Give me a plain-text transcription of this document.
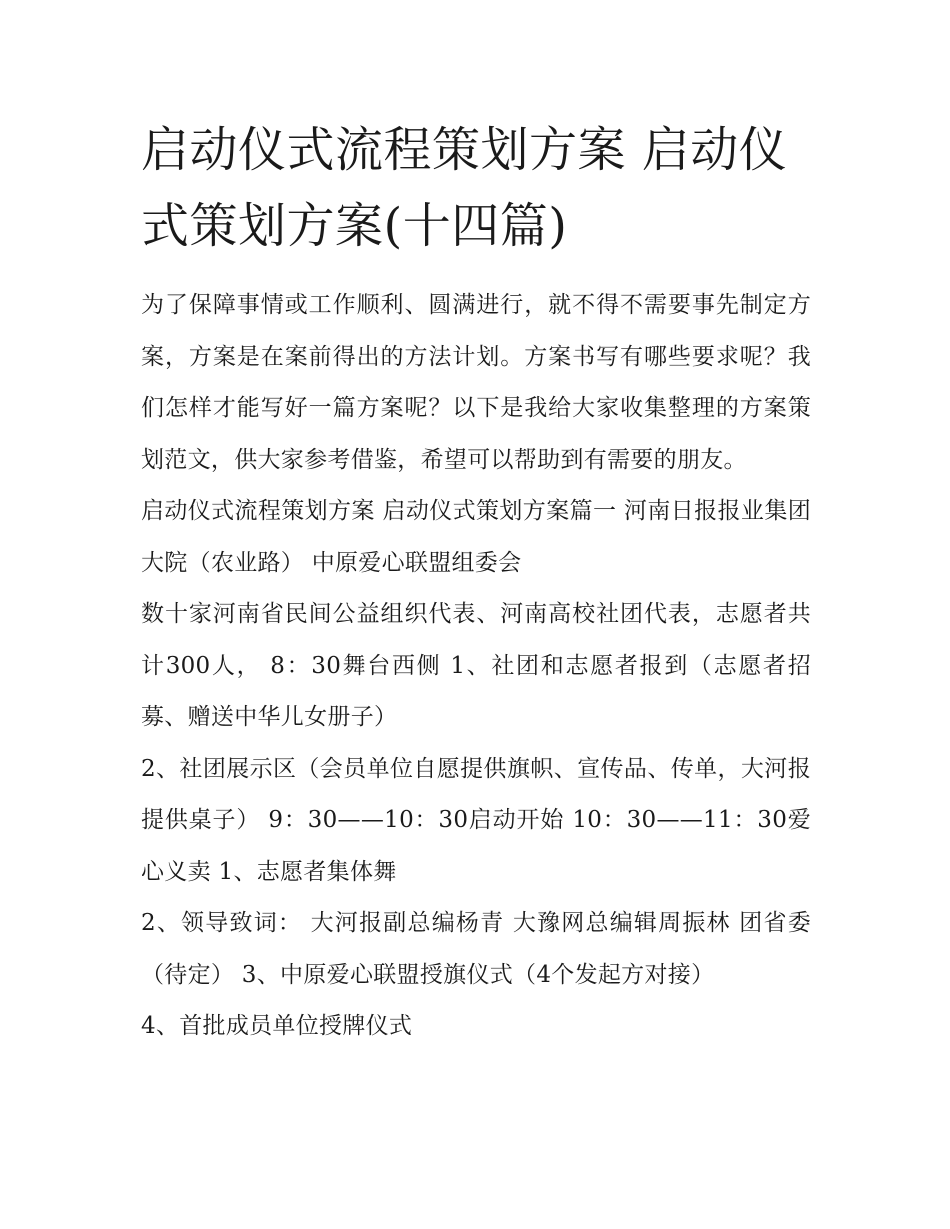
启动仪式流程策划方案 启动仪式策划方案(十四篇)

为了保障事情或工作顺利、圆满进行，就不得不需要事先制定方案，方案是在案前得出的方法计划。方案书写有哪些要求呢？我们怎样才能写好一篇方案呢？以下是我给大家收集整理的方案策划范文，供大家参考借鉴，希望可以帮助到有需要的朋友。

启动仪式流程策划方案 启动仪式策划方案篇一 河南日报报业集团大院（农业路） 中原爱心联盟组委会

数十家河南省民间公益组织代表、河南高校社团代表，志愿者共计300人， 8：30舞台西侧 1、社团和志愿者报到（志愿者招募、赠送中华儿女册子）

2、社团展示区（会员单位自愿提供旗帜、宣传品、传单，大河报提供桌子） 9：30——10：30启动开始 10：30——11：30爱心义卖 1、志愿者集体舞

2、领导致词： 大河报副总编杨青 大豫网总编辑周振林 团省委（待定） 3、中原爱心联盟授旗仪式（4个发起方对接）

4、首批成员单位授牌仪式
